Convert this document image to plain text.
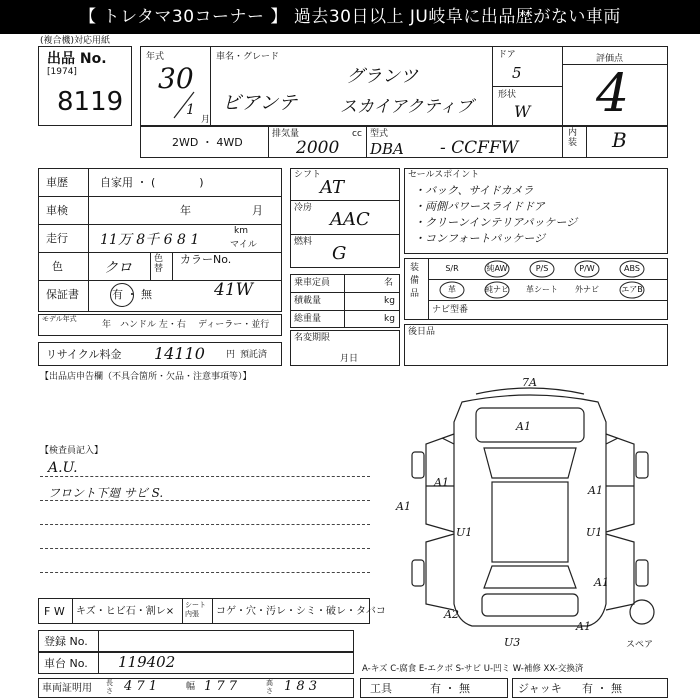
【 トレタマ30コーナー 】 過去30日以上 JU岐阜に出品歴がない車両
(複合機)対応用紙
出品 No.
[1974]
8119
年式
30
1
月
車名・グレード
グランツ
ビアンテ	スカイアクティブ
ドア
5
形状
W
評価点
4
2WD ・ 4WD
排気量	cc
2000
型式
DBA - CCFFW
内装 B
車歴	自家用 ・ (　　　　)
車検	年	月
走行 11万 8千 6 8 1
km
マイル
色	クロ
色替
カラーNo.
保証書	有 ・ 無	41W
モデル年式
年 ハンドル 左・右 ディーラー・並行
リサイクル料金 14110 円 預託済
【出品店申告欄（不具合箇所・欠品・注意事項等）】
シフト
AT
冷房
AAC
燃料
G
乗車定員	名
積載量	kg
総重量	kg
名変期限
月日
セールスポイント
・バック、サイドカメラ
・両側パワースライドドア
・クリーンインテリアパッケージ
・コンフォートパッケージ
装備品
S/R	純AW	P/S	P/W	ABS
革	純ナビ	革シート	外ナビ	エアB
ナビ型番
後日品
【検査員記入】
A.U.
フロント下廻 サビ S.
7A
A1
A1
A1
U1	U1
A1
A1
A2
U3
A1
スペア
F W キズ・ヒビ石・割レ×
シート内張	コゲ・穴・汚レ・シミ・破レ・タバコ
登録 No.
車台 No. 119402
車両証明用 長さ 4 7 1	幅 1 7 7	高さ 1 8 3
A-キズ C-腐食 E-エクボ S-サビ U-凹ミ W-補修 XX-交換済
工具	有 ・ 無	ジャッキ 有 ・ 無
